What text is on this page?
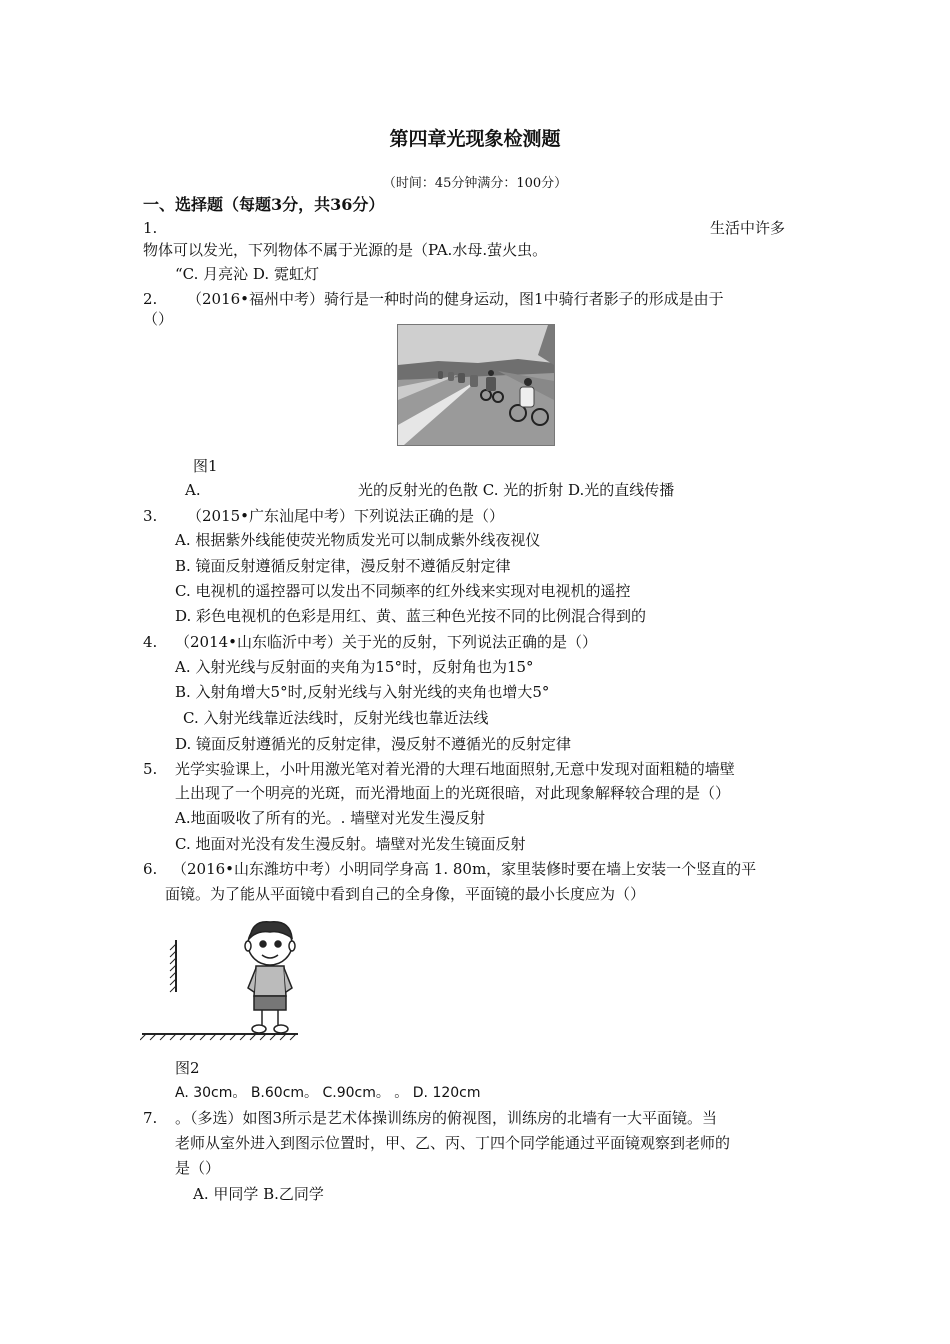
第四章光现象检测题
（时间：45分钟满分：100分）
一、选择题（每题3分，共36分）
1.	生活中许多
物体可以发光，下列物体不属于光源的是（PA.水母.萤火虫。
“C. 月亮沁 D. 霓虹灯
2. （2016•福州中考）骑行是一种时尚的健身运动，图1中骑行者影子的形成是由于
（）
图1
A.	光的反射光的色散 C. 光的折射 D.光的直线传播
3. （2015•广东汕尾中考）下列说法正确的是（）
A. 根据紫外线能使荧光物质发光可以制成紫外线夜视仪
B. 镜面反射遵循反射定律，漫反射不遵循反射定律
C. 电视机的遥控器可以发出不同频率的红外线来实现对电视机的遥控
D. 彩色电视机的色彩是用红、黄、蓝三种色光按不同的比例混合得到的
4. （2014•山东临沂中考）关于光的反射，下列说法正确的是（）
A. 入射光线与反射面的夹角为15°时，反射角也为15°
B. 入射角增大5°时,反射光线与入射光线的夹角也增大5°
C. 入射光线靠近法线时，反射光线也靠近法线
D. 镜面反射遵循光的反射定律，漫反射不遵循光的反射定律
5. 光学实验课上，小叶用激光笔对着光滑的大理石地面照射,无意中发现对面粗糙的墙壁
上出现了一个明亮的光斑，而光滑地面上的光斑很暗，对此现象解释较合理的是（）
A.地面吸收了所有的光。. 墙壁对光发生漫反射
C. 地面对光没有发生漫反射。墙壁对光发生镜面反射
6. （2016•山东潍坊中考）小明同学身高 1. 80m，家里装修时要在墙上安装一个竖直的平
面镜。为了能从平面镜中看到自己的全身像，平面镜的最小长度应为（）
图2
A. 30cm。 B.60cm。 C.90cm。 。 D. 120cm
7. 。（多选）如图3所示是艺术体操训练房的俯视图，训练房的北墙有一大平面镜。当
老师从室外进入到图示位置时，甲、乙、丙、丁四个同学能通过平面镜观察到老师的
是（）
A. 甲同学 B.乙同学
